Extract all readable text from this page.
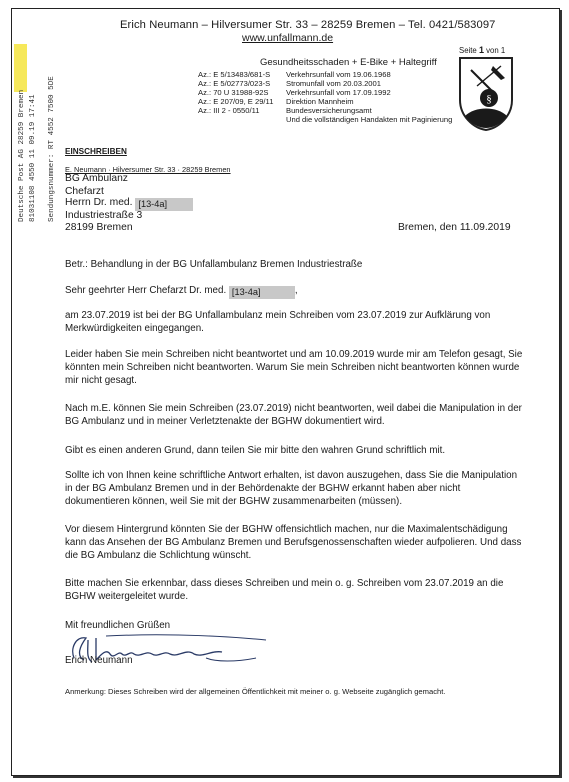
Erich Neumann – Hilversumer Str. 33 – 28259 Bremen – Tel. 0421/583097
www.unfallmann.de
Gesundheitsschaden + E-Bike + Haltegriff
Az.: E 5/13483/681-S Verkehrsunfall vom 19.06.1968
Az.: E 5/02773/023-S Stromunfall vom 20.03.2001
Az.: 70 U 31988-92S Verkehrsunfall vom 17.09.1992
Az.: E 207/09, E 29/11 Direktion Mannheim
Az.: III 2 - 0550/11	Bundesversicherungsamt
Und die vollständigen Handakten mit Paginierung
Seite 1 von 1
§
Deutsche Post AG 28259 Bremen 81031108 4550 11 09.19 17:41 Sendungsnummer: RT 4552 7500 5DE EINSCHREIBEN
E. Neumann · Hilversumer Str. 33 · 28259 Bremen
BG Ambulanz
Chefarzt
Herrn Dr. med. [13-4a]
Industriestraße 3
28199 Bremen	Bremen, den 11.09.2019
Betr.: Behandlung in der BG Unfallambulanz Bremen Industriestraße
Sehr geehrter Herr Chefarzt Dr. med. [13-4a]	,
am 23.07.2019 ist bei der BG Unfallambulanz mein Schreiben vom 23.07.2019 zur Aufklärung von Merkwürdigkeiten eingegangen.
Leider haben Sie mein Schreiben nicht beantwortet und am 10.09.2019 wurde mir am Telefon gesagt, Sie könnten mein Schreiben nicht beantworten. Warum Sie mein Schreiben nicht beantworten können wurde mir nicht gesagt.
Nach m.E. können Sie mein Schreiben (23.07.2019) nicht beantworten, weil dabei die Manipulation in der BG Ambulanz und in meiner Verletztenakte der BGHW dokumentiert wird.
Gibt es einen anderen Grund, dann teilen Sie mir bitte den wahren Grund schriftlich mit.
Sollte ich von Ihnen keine schriftliche Antwort erhalten, ist davon auszugehen, dass Sie die Manipulation in der BG Ambulanz Bremen und in der Behördenakte der BGHW erkannt haben aber nicht dokumentieren können, weil Sie mit der BGHW zusammenarbeiten (müssen).
Vor diesem Hintergrund könnten Sie der BGHW offensichtlich machen, nur die Maximalentschädigung kann das Ansehen der BG Ambulanz Bremen und Berufsgenossenschaften wieder aufpolieren. Und dass die BG Ambulanz die Schlichtung wünscht.
Bitte machen Sie erkennbar, dass dieses Schreiben und mein o. g. Schreiben vom 23.07.2019 an die BGHW weitergeleitet wurde.
Mit freundlichen Grüßen
Erich Neumann
Anmerkung: Dieses Schreiben wird der allgemeinen Öffentlichkeit mit meiner o. g. Webseite zugänglich gemacht.
